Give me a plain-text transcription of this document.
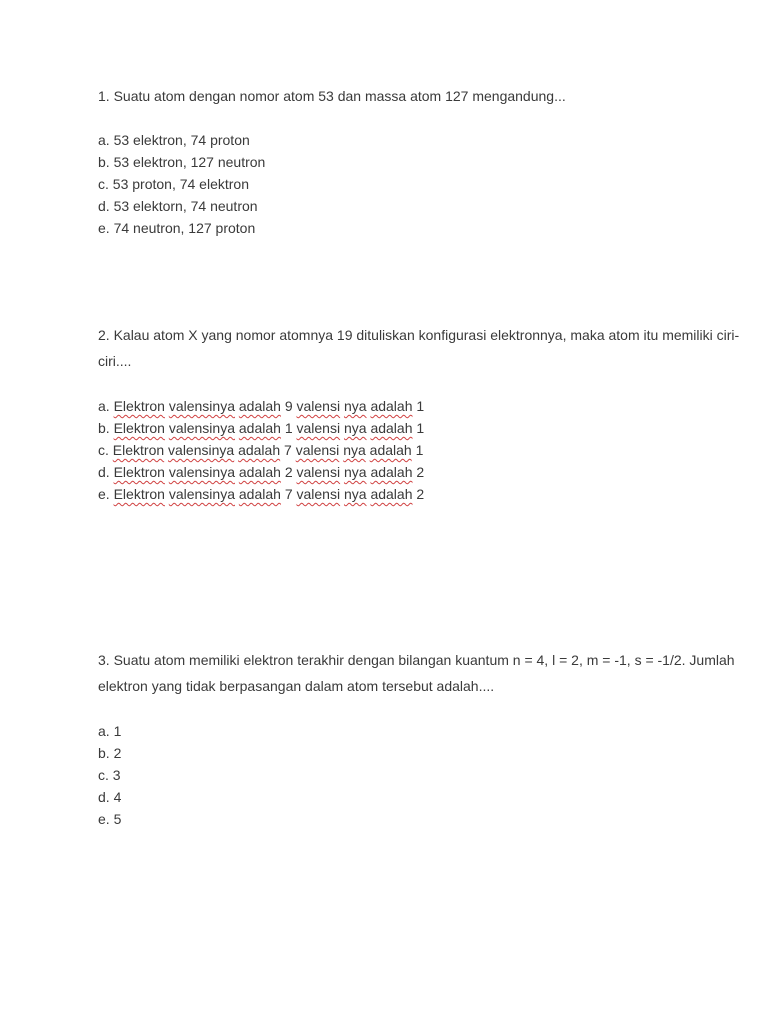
1. Suatu atom dengan nomor atom 53 dan massa atom 127 mengandung...

a. 53 elektron, 74 proton
b. 53 elektron, 127 neutron
c. 53 proton, 74 elektron
d. 53 elektorn, 74 neutron
e. 74 neutron, 127 proton

2. Kalau atom X yang nomor atomnya 19 dituliskan konfigurasi elektronnya, maka atom itu memiliki ciri-ciri....

a. Elektron valensinya adalah 9 valensi nya adalah 1
b. Elektron valensinya adalah 1 valensi nya adalah 1
c. Elektron valensinya adalah 7 valensi nya adalah 1
d. Elektron valensinya adalah 2 valensi nya adalah 2
e. Elektron valensinya adalah 7 valensi nya adalah 2

3. Suatu atom memiliki elektron terakhir dengan bilangan kuantum n = 4, l = 2, m = -1, s = -1/2. Jumlah elektron yang tidak berpasangan dalam atom tersebut adalah....

a. 1
b. 2
c. 3
d. 4
e. 5
